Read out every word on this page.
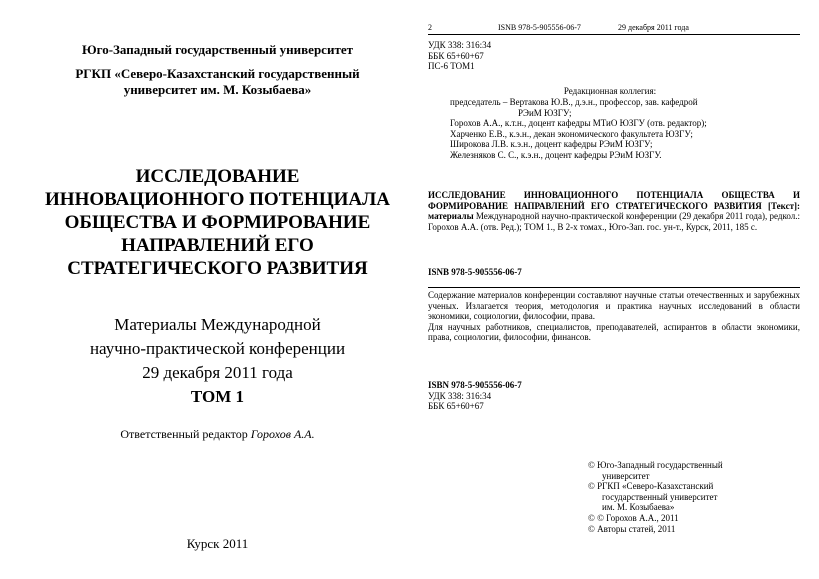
Юго-Западный государственный университет
РГКП «Северо-Казахстанский государственный
университет им. М. Козыбаева»
ИССЛЕДОВАНИЕ
ИННОВАЦИОННОГО ПОТЕНЦИАЛА
ОБЩЕСТВА И ФОРМИРОВАНИЕ
НАПРАВЛЕНИЙ ЕГО
СТРАТЕГИЧЕСКОГО РАЗВИТИЯ
Материалы Международной
научно-практической конференции
29 декабря 2011 года
ТОМ 1
Ответственный редактор Горохов А.А.
Курск 2011
2	ISNB 978-5-905556-06-7	29 декабря 2011 года
УДК 338: 316:34
ББК 65+60+67
ПС-6 ТОМ1
Редакционная коллегия:
председатель – Вертакова Ю.В., д.э.н., профессор, зав. кафедрой
РЭиМ ЮЗГУ;
Горохов А.А., к.т.н., доцент кафедры МТиО ЮЗГУ (отв. редактор);
Харченко Е.В., к.э.н., декан экономического факультета ЮЗГУ;
Широкова Л.В. к.э.н., доцент кафедры РЭиМ ЮЗГУ;
Железняков С. С., к.э.н., доцент кафедры РЭиМ ЮЗГУ.
ИССЛЕДОВАНИЕ ИННОВАЦИОННОГО ПОТЕНЦИАЛА ОБЩЕСТВА И ФОРМИРОВАНИЕ НАПРАВЛЕНИЙ ЕГО СТРАТЕГИЧЕСКОГО РАЗВИТИЯ [Текст]: материалы Международной научно-практической конференции (29 декабря 2011 года), редкол.: Горохов А.А. (отв. Ред.); ТОМ 1., В 2-х томах., Юго-Зап. гос. ун-т., Курск, 2011, 185 с.
ISNB 978-5-905556-06-7
Содержание материалов конференции составляют научные статьи отечественных и зарубежных ученых. Излагается теория, методология и практика научных исследований в области экономики, социологии, философии, права.
Для научных работников, специалистов, преподавателей, аспирантов в области экономики, права, социологии, философии, финансов.
ISBN 978-5-905556-06-7
УДК 338: 316:34
ББК 65+60+67
© Юго-Западный государственный
университет
© РГКП «Северо-Казахстанский
государственный университет
им. М. Козыбаева»
© © Горохов А.А., 2011
© Авторы статей, 2011
